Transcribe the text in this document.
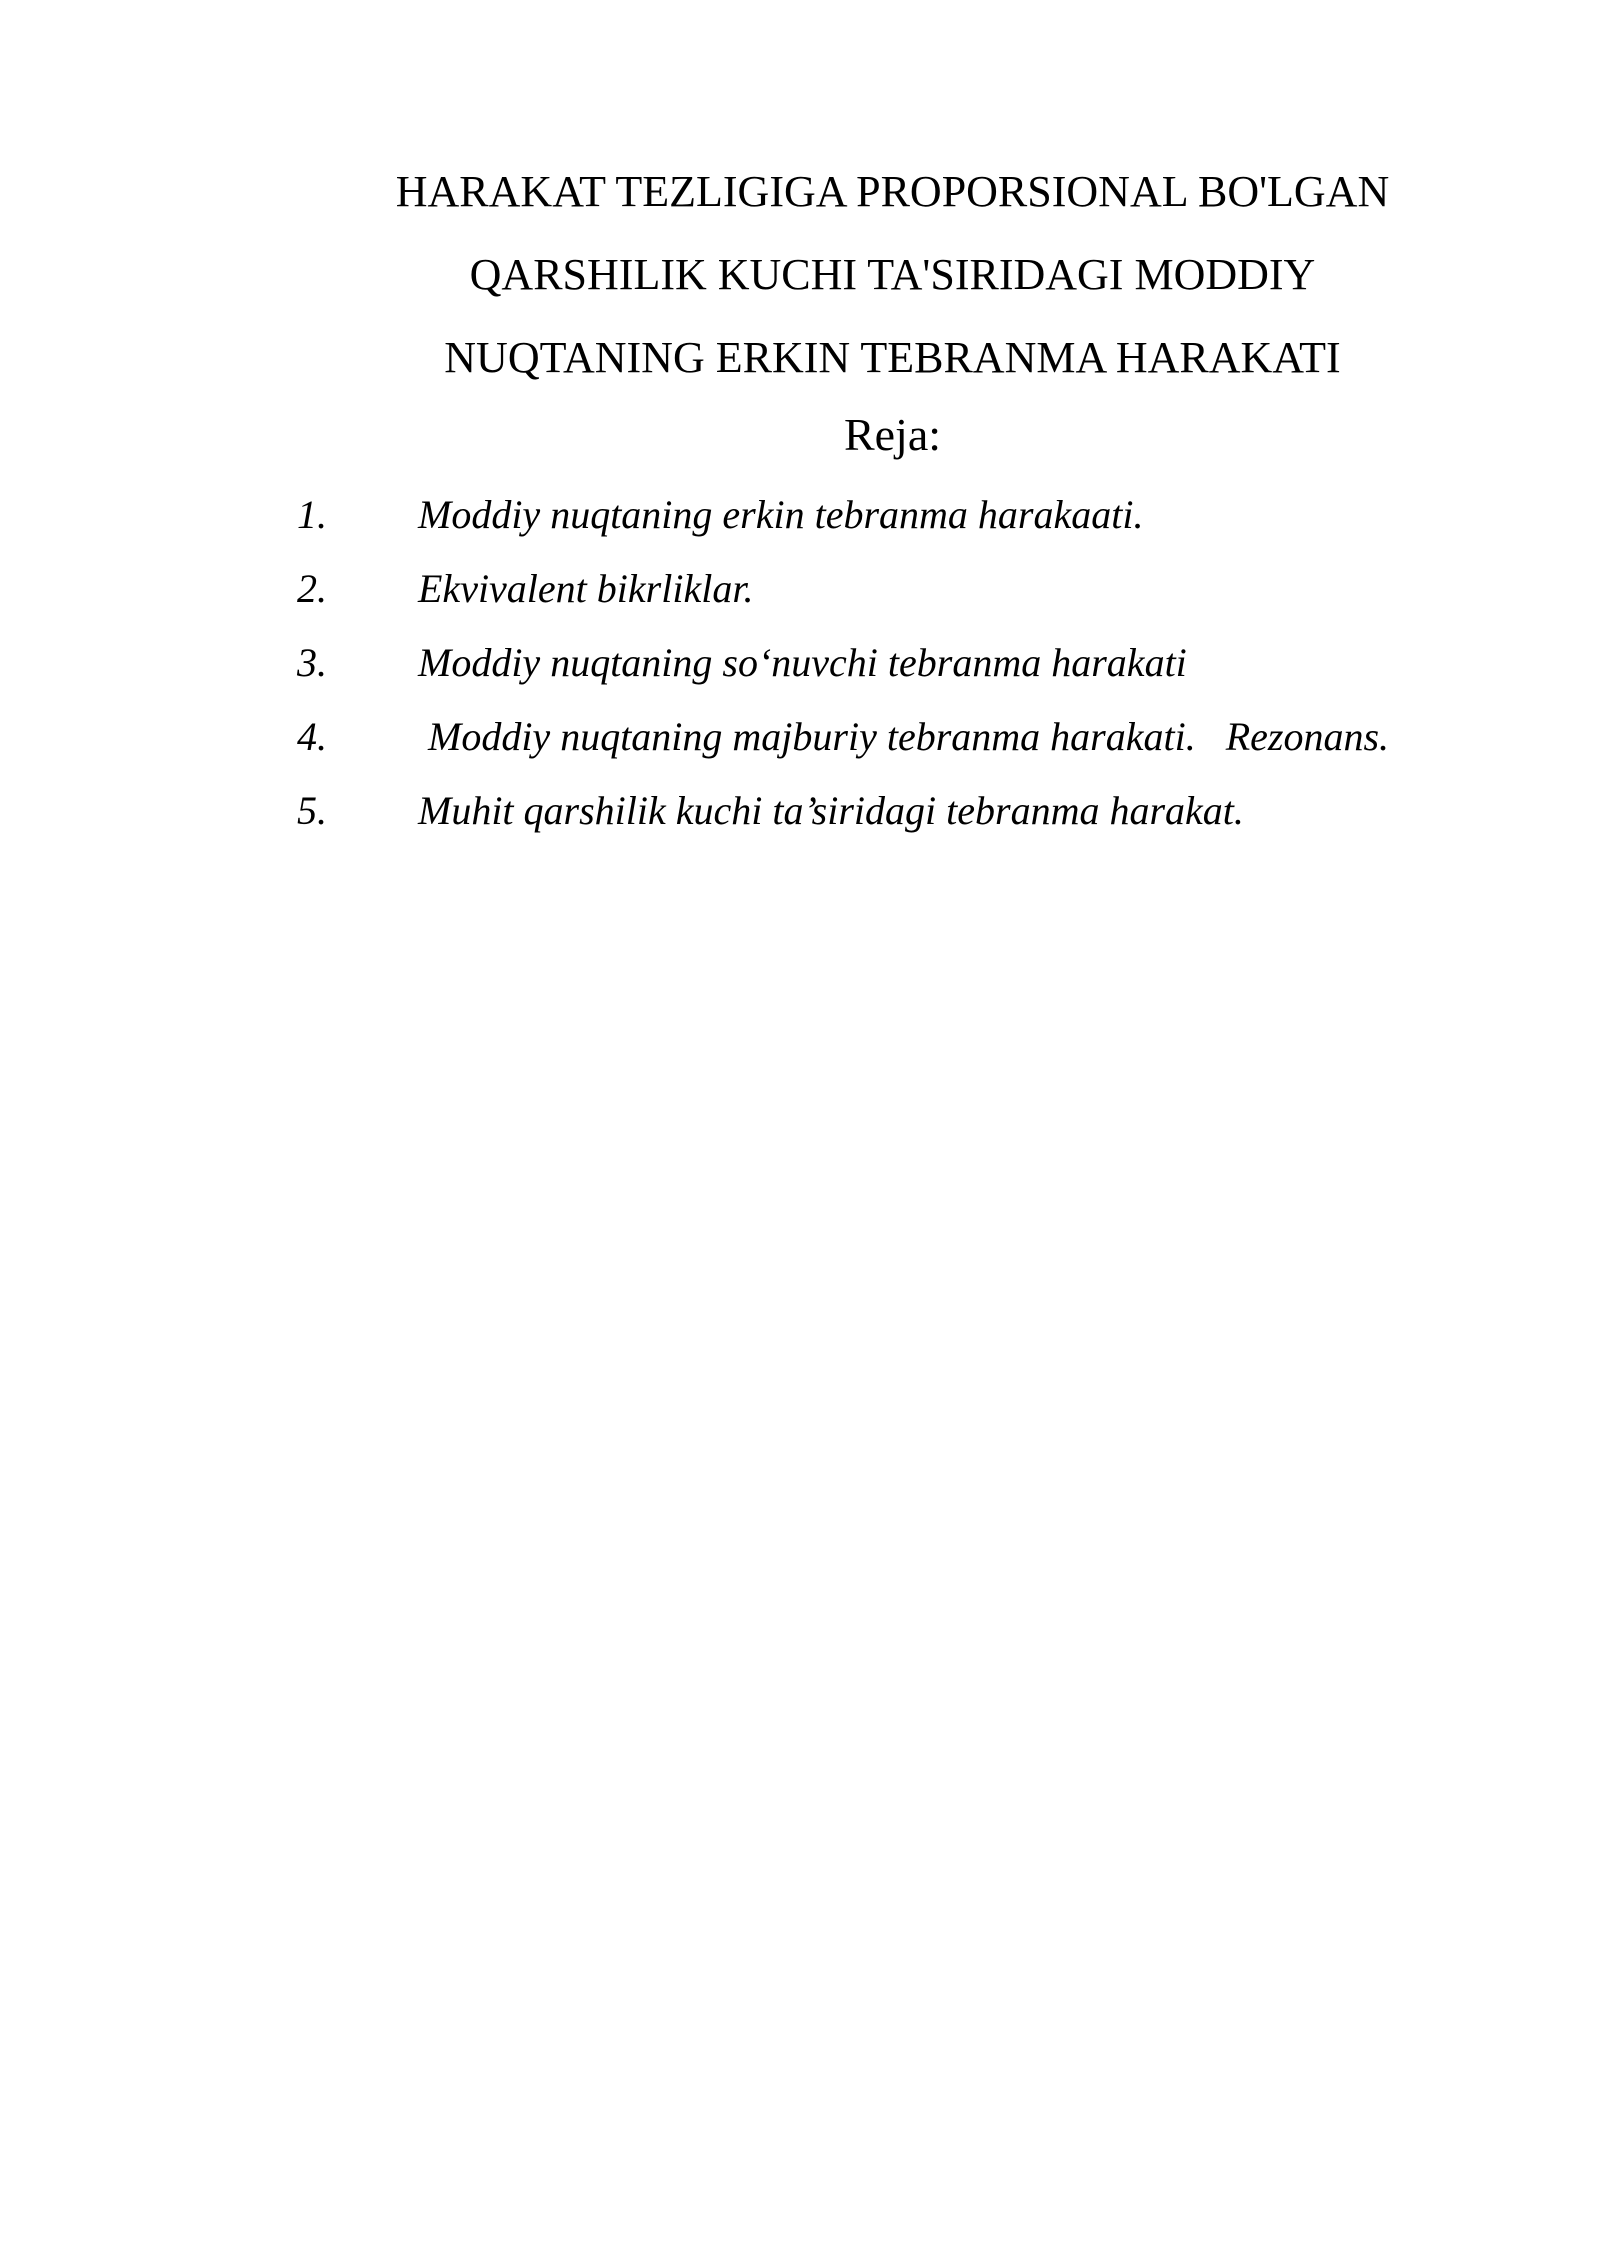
HARAKAT TEZLIGIGA PROPORSIONAL BO'LGAN
QARSHILIK KUCHI TA'SIRIDAGI MODDIY
NUQTANING ERKIN TEBRANMA HARAKATI
Reja:
1. Moddiy nuqtaning erkin tebranma harakaati.
2. Ekvivalent bikrliklar.
3. Moddiy nuqtaning so‘nuvchi tebranma harakati
4. Moddiy nuqtaning majburiy tebranma harakati.   Rezonans.
5. Muhit qarshilik kuchi ta’siridagi tebranma harakat.
